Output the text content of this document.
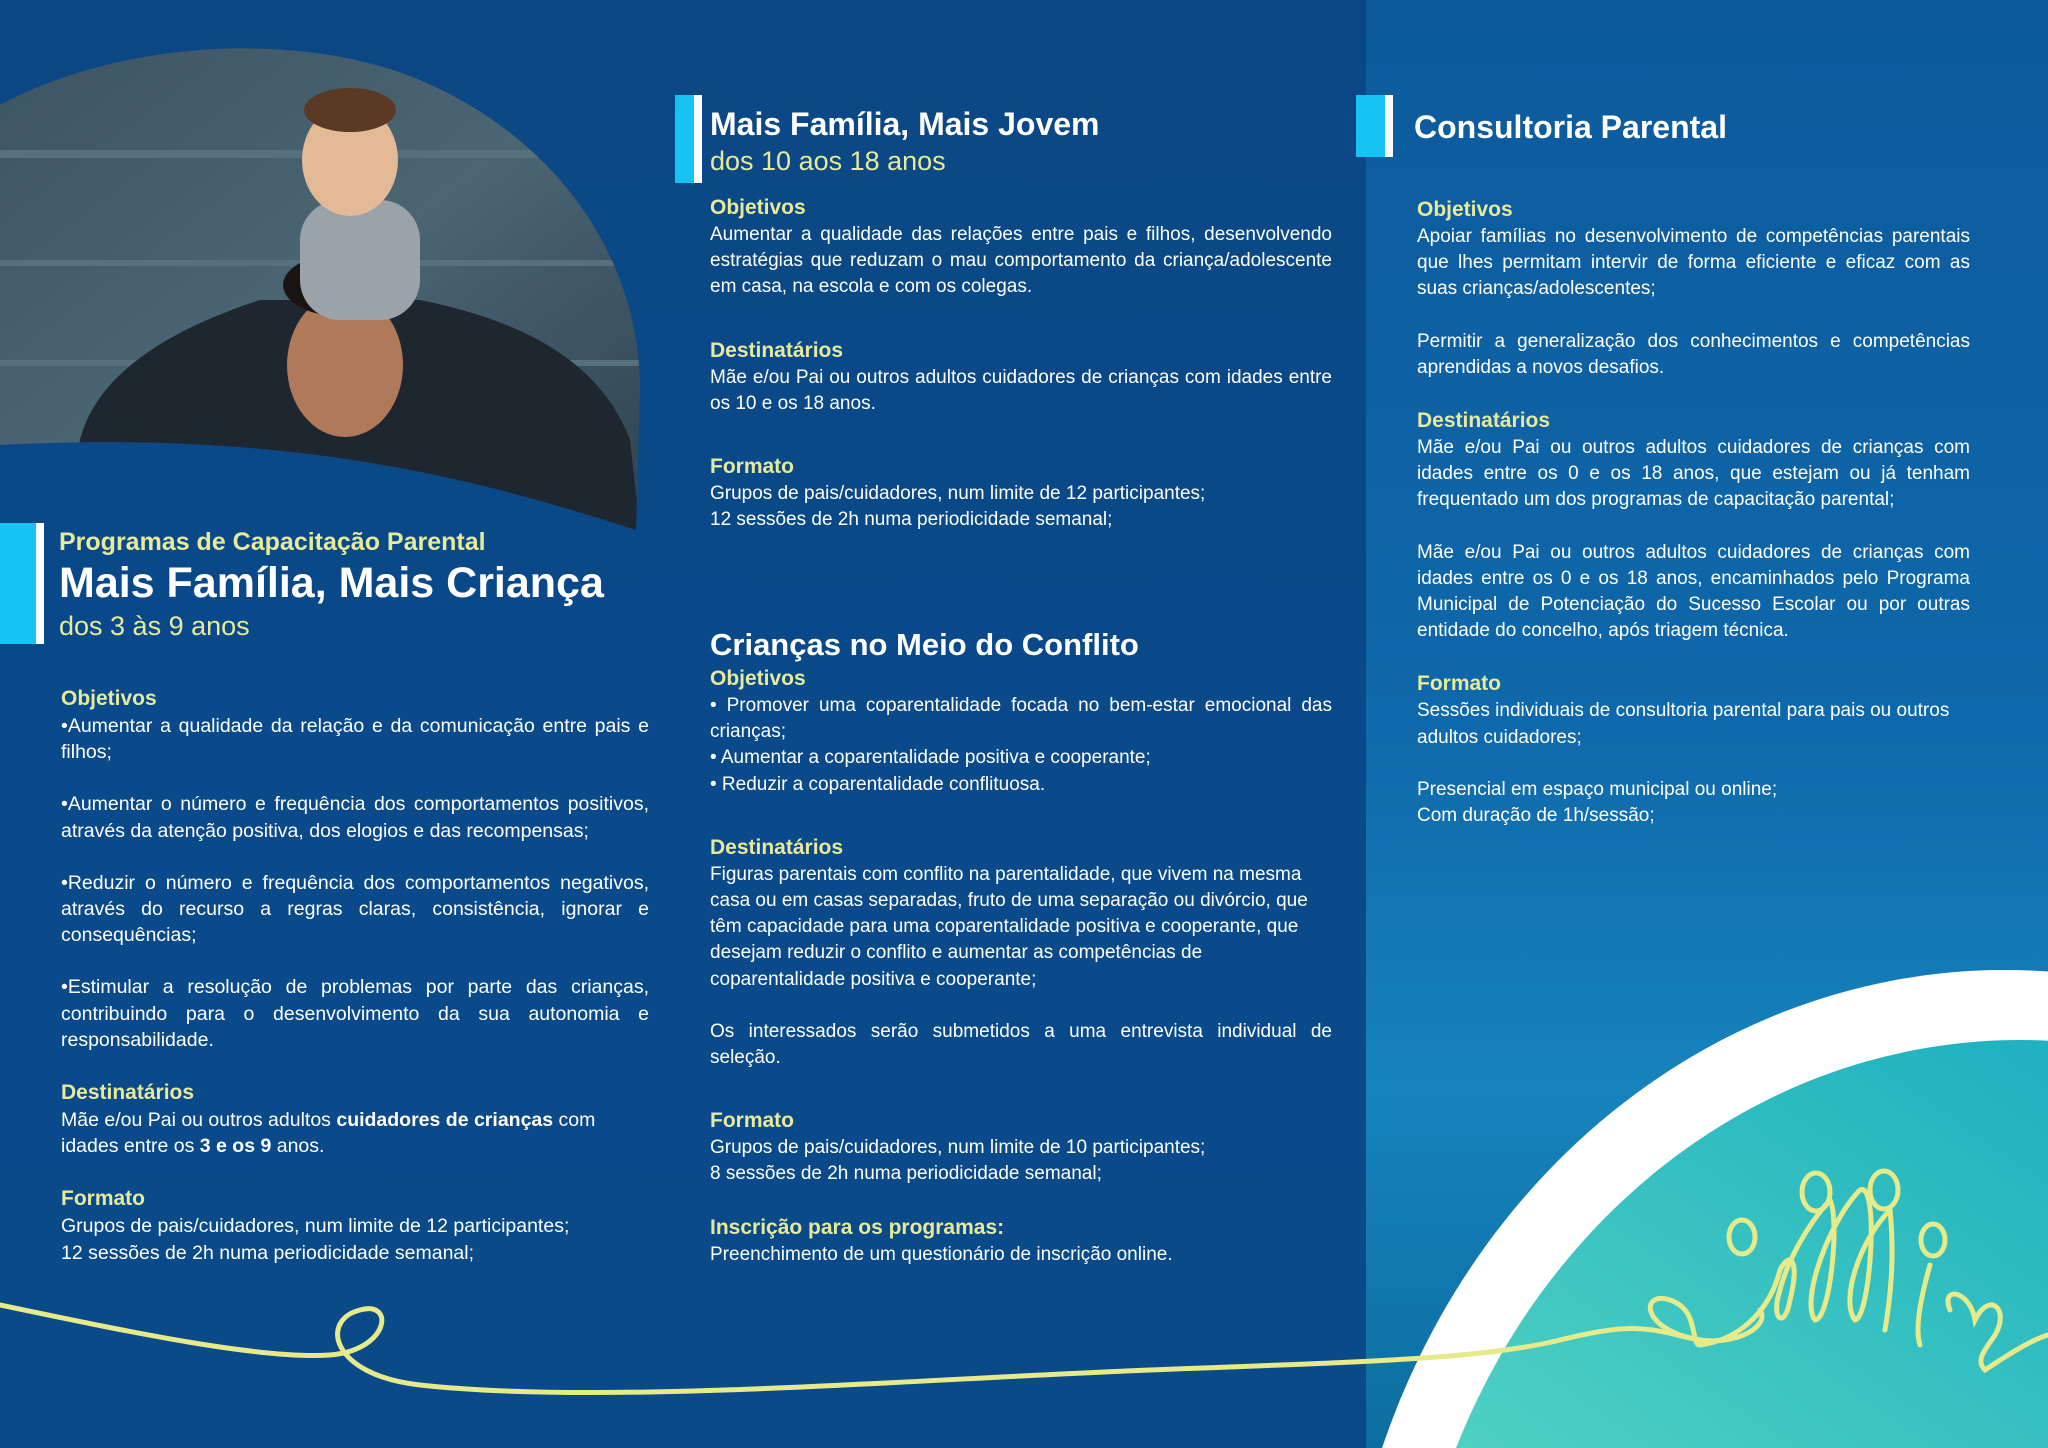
Programas de Capacitação Parental
Mais Família, Mais Criança
dos 3 às 9 anos
Objetivos

•Aumentar a qualidade da relação e da comunicação entre pais e filhos;

•Aumentar o número e frequência dos comportamentos positivos, através da atenção positiva, dos elogios e das recompensas;

•Reduzir o número e frequência dos comportamentos negativos, através do recurso a regras claras, consistência, ignorar e consequências;

•Estimular a resolução de problemas por parte das crianças, contribuindo para o desenvolvimento da sua autonomia e responsabilidade.

Destinatários

Mãe e/ou Pai ou outros adultos cuidadores de crianças com idades entre os 3 e os 9 anos.

Formato

Grupos de pais/cuidadores, num limite de 12 participantes;

12 sessões de 2h numa periodicidade semanal;

Mais Família, Mais Jovem
dos 10 aos 18 anos
Objetivos

Aumentar a qualidade das relações entre pais e filhos, desenvolvendo estratégias que reduzam o mau comportamento da criança/adolescente em casa, na escola e com os colegas.

Destinatários

Mãe e/ou Pai ou outros adultos cuidadores de crianças com idades entre os 10 e os 18 anos.

Formato

Grupos de pais/cuidadores, num limite de 12 participantes;

12 sessões de 2h numa periodicidade semanal;

Crianças no Meio do Conflito
Objetivos

• Promover uma coparentalidade focada no bem-estar emocional das crianças;

• Aumentar a coparentalidade positiva e cooperante;

• Reduzir a coparentalidade conflituosa.

Destinatários

Figuras parentais com conflito na parentalidade, que vivem na mesma casa ou em casas separadas, fruto de uma separação ou divórcio, que têm capacidade para uma coparentalidade positiva e cooperante, que desejam reduzir o conflito e aumentar as competências de coparentalidade positiva e cooperante;

Os interessados serão submetidos a uma entrevista individual de seleção.

Formato

Grupos de pais/cuidadores, num limite de 10 participantes;

8 sessões de 2h numa periodicidade semanal;

Inscrição para os programas:

Preenchimento de um questionário de inscrição online.

Consultoria Parental
Objetivos

Apoiar famílias no desenvolvimento de competências parentais que lhes permitam intervir de forma eficiente e eficaz com as suas crianças/adolescentes;

Permitir a generalização dos conhecimentos e competências aprendidas a novos desafios.

Destinatários

Mãe e/ou Pai ou outros adultos cuidadores de crianças com idades entre os 0 e os 18 anos, que estejam ou já tenham frequentado um dos programas de capacitação parental;

Mãe e/ou Pai ou outros adultos cuidadores de crianças com idades entre os 0 e os 18 anos, encaminhados pelo Programa Municipal de Potenciação do Sucesso Escolar ou por outras entidade do concelho, após triagem técnica.

Formato

Sessões individuais de consultoria parental para pais ou outros adultos cuidadores;

Presencial em espaço municipal ou online;

Com duração de 1h/sessão;
